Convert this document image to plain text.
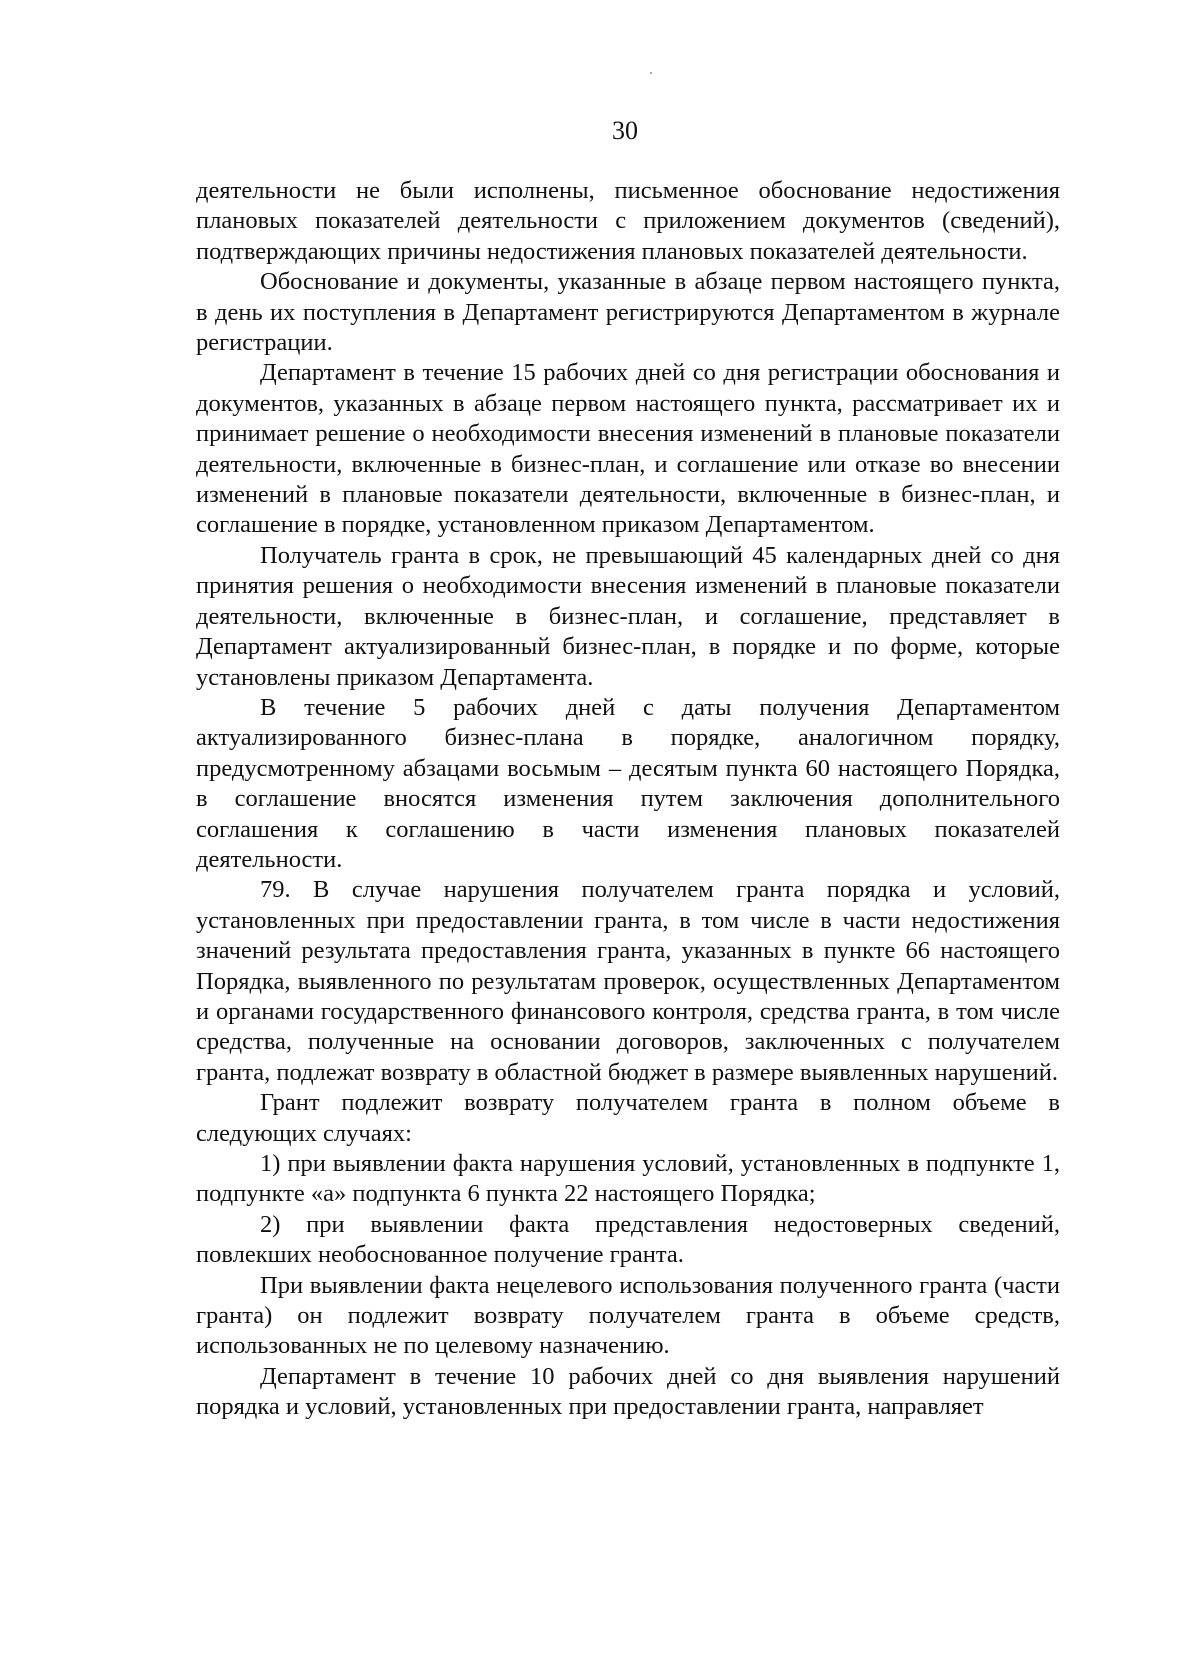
30

деятельности не были исполнены, письменное обоснование недостижения плановых показателей деятельности с приложением документов (сведений), подтверждающих причины недостижения плановых показателей деятельности.

Обоснование и документы, указанные в абзаце первом настоящего пункта, в день их поступления в Департамент регистрируются Департаментом в журнале регистрации.

Департамент в течение 15 рабочих дней со дня регистрации обоснования и документов, указанных в абзаце первом настоящего пункта, рассматривает их и принимает решение о необходимости внесения изменений в плановые показатели деятельности, включенные в бизнес-план, и соглашение или отказе во внесении изменений в плановые показатели деятельности, включенные в бизнес-план, и соглашение в порядке, установленном приказом Департаментом.

Получатель гранта в срок, не превышающий 45 календарных дней со дня принятия решения о необходимости внесения изменений в плановые показатели деятельности, включенные в бизнес-план, и соглашение, представляет в Департамент актуализированный бизнес-план, в порядке и по форме, которые установлены приказом Департамента.

В течение 5 рабочих дней с даты получения Департаментом актуализированного бизнес-плана в порядке, аналогичном порядку, предусмотренному абзацами восьмым – десятым пункта 60 настоящего Порядка, в соглашение вносятся изменения путем заключения дополнительного соглашения к соглашению в части изменения плановых показателей деятельности.

79. В случае нарушения получателем гранта порядка и условий, установленных при предоставлении гранта, в том числе в части недостижения значений результата предоставления гранта, указанных в пункте 66 настоящего Порядка, выявленного по результатам проверок, осуществленных Департаментом и органами государственного финансового контроля, средства гранта, в том числе средства, полученные на основании договоров, заключенных с получателем гранта, подлежат возврату в областной бюджет в размере выявленных нарушений.

Грант подлежит возврату получателем гранта в полном объеме в следующих случаях:

1) при выявлении факта нарушения условий, установленных в подпункте 1, подпункте «а» подпункта 6 пункта 22 настоящего Порядка;

2) при выявлении факта представления недостоверных сведений, повлекших необоснованное получение гранта.

При выявлении факта нецелевого использования полученного гранта (части гранта) он подлежит возврату получателем гранта в объеме средств, использованных не по целевому назначению.

Департамент в течение 10 рабочих дней со дня выявления нарушений порядка и условий, установленных при предоставлении гранта, направляет
